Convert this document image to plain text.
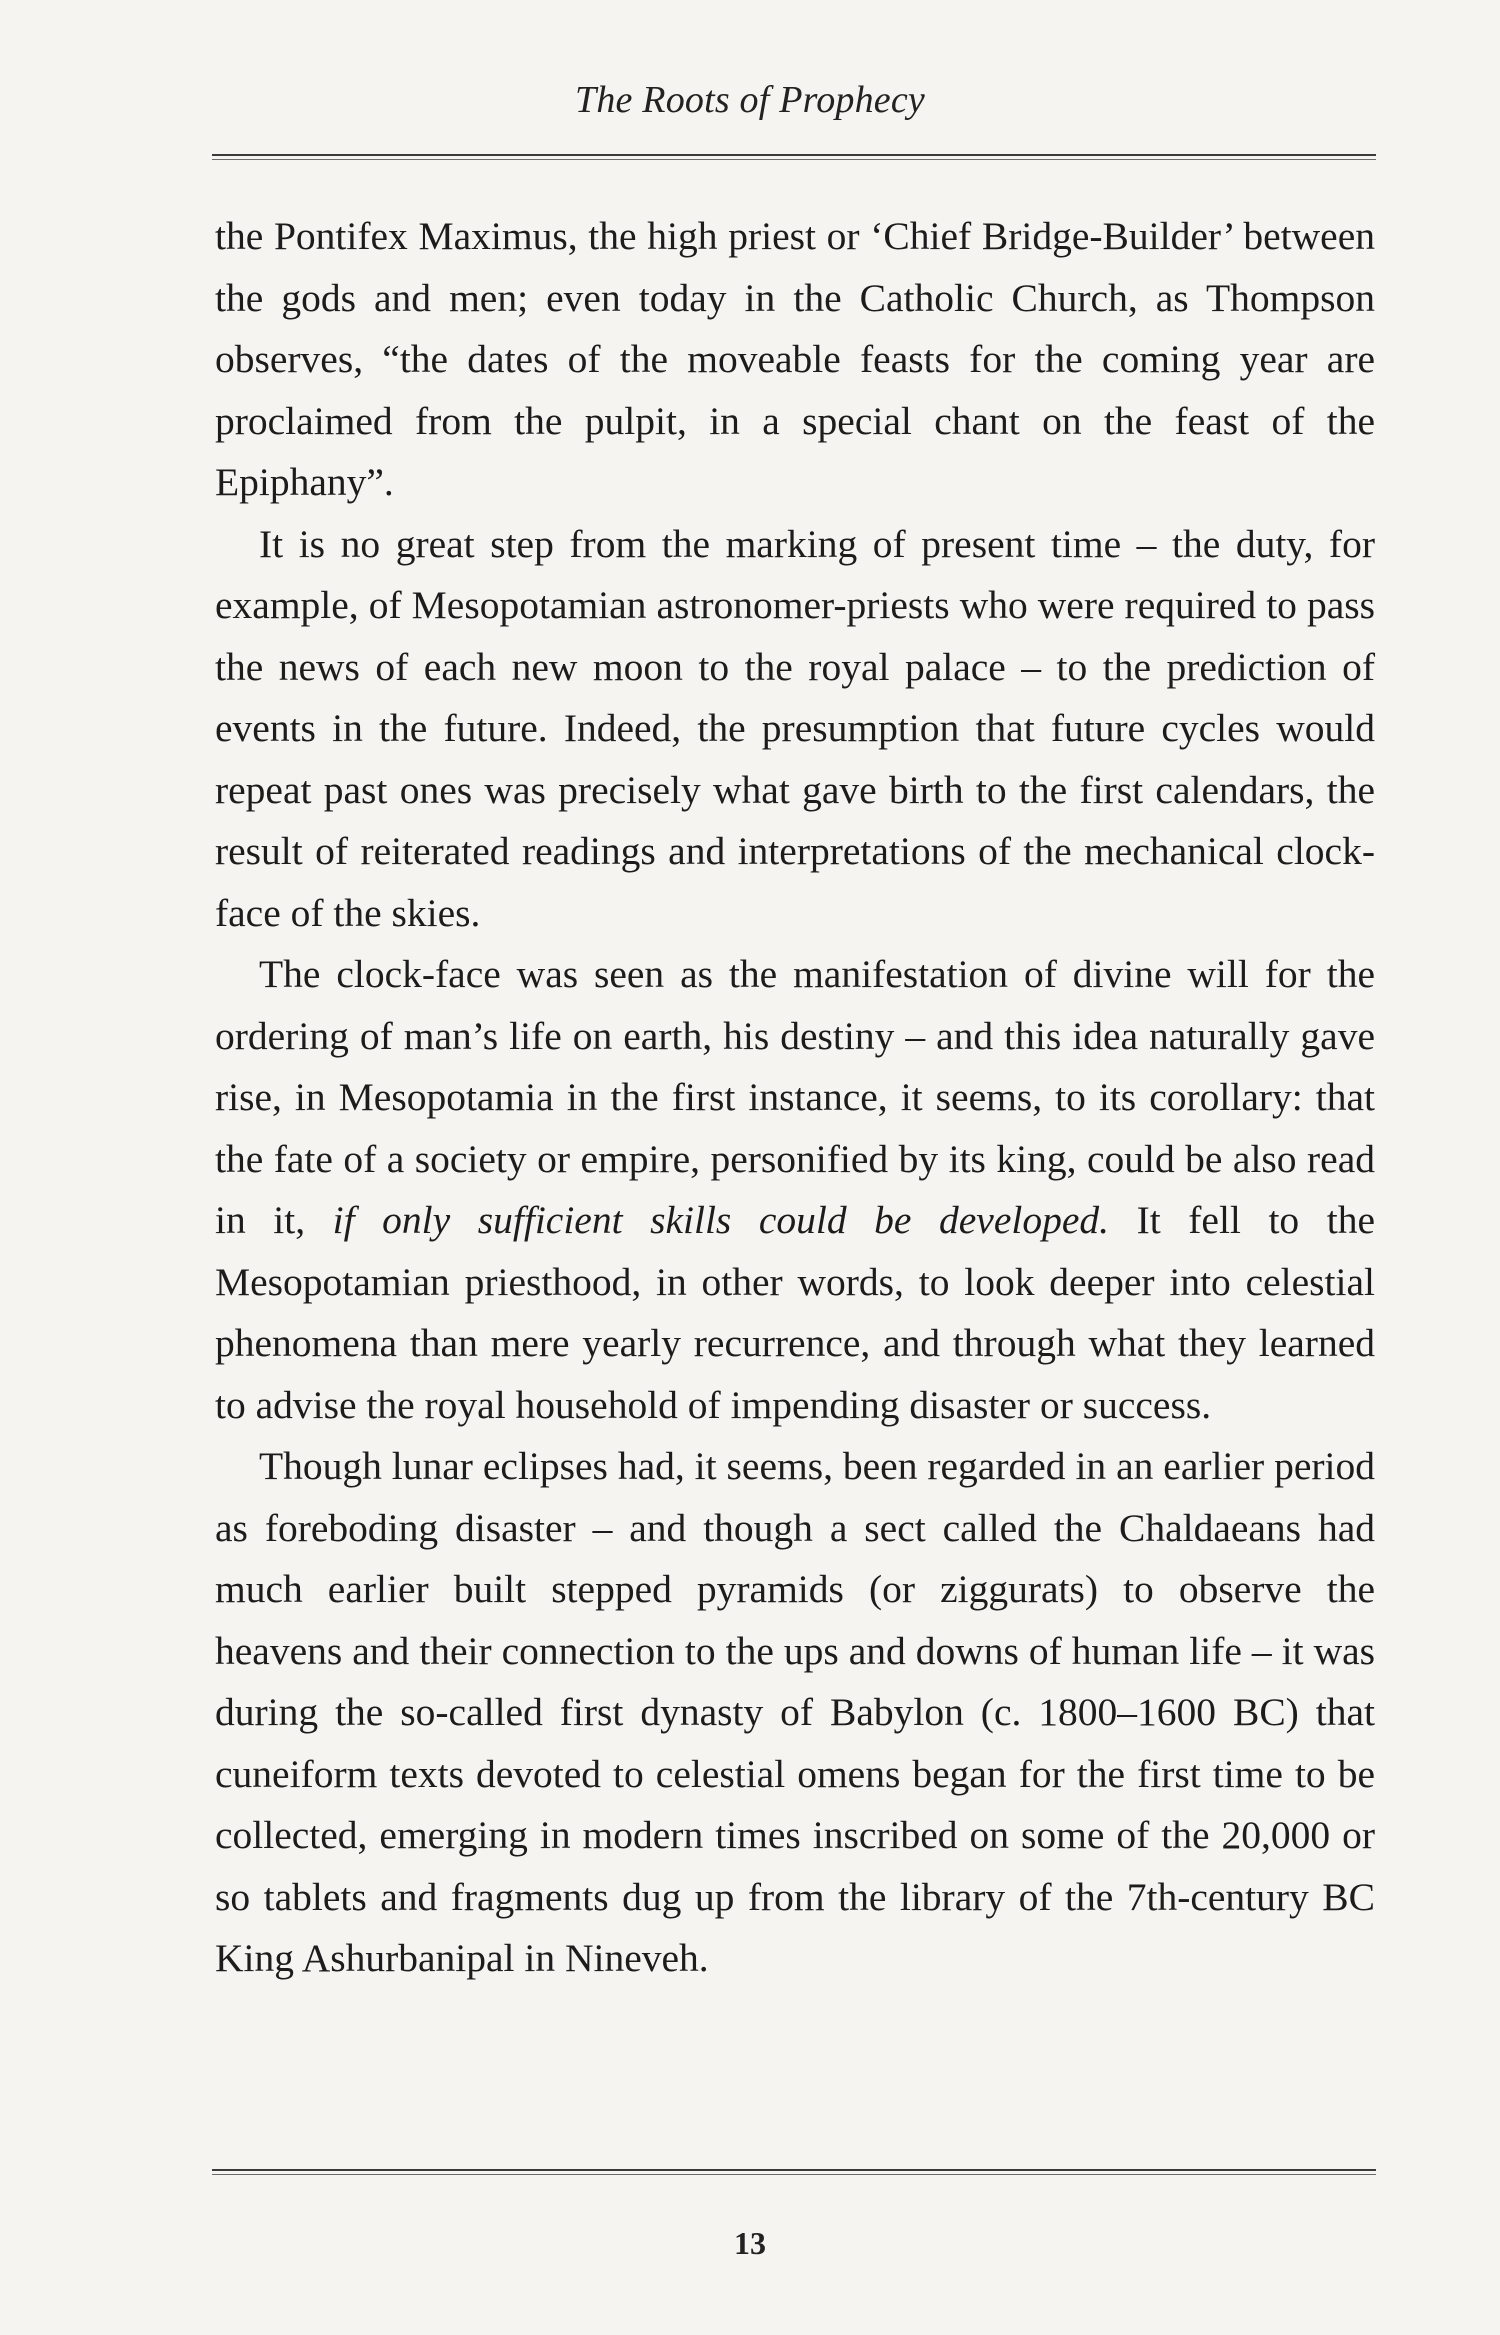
The Roots of Prophecy

the Pontifex Maximus, the high priest or ‘Chief Bridge-Builder’ between the gods and men; even today in the Catholic Church, as Thompson observes, “the dates of the moveable feasts for the coming year are proclaimed from the pulpit, in a special chant on the feast of the Epiphany”.

It is no great step from the marking of present time – the duty, for example, of Mesopotamian astronomer-priests who were required to pass the news of each new moon to the royal palace – to the prediction of events in the future. Indeed, the presumption that future cycles would repeat past ones was precisely what gave birth to the first calendars, the result of reiterated readings and interpretations of the mechanical clock-face of the skies.

The clock-face was seen as the manifestation of divine will for the ordering of man’s life on earth, his destiny – and this idea naturally gave rise, in Mesopotamia in the first instance, it seems, to its corollary: that the fate of a society or empire, personified by its king, could be also read in it, if only sufficient skills could be developed. It fell to the Mesopotamian priesthood, in other words, to look deeper into celestial phenomena than mere yearly recurrence, and through what they learned to advise the royal household of impending disaster or success.

Though lunar eclipses had, it seems, been regarded in an earlier period as foreboding disaster – and though a sect called the Chaldaeans had much earlier built stepped pyramids (or ziggurats) to observe the heavens and their connection to the ups and downs of human life – it was during the so-called first dynasty of Babylon (c. 1800–1600 BC) that cuneiform texts devoted to celestial omens began for the first time to be collected, emerging in modern times inscribed on some of the 20,000 or so tablets and fragments dug up from the library of the 7th-century BC King Ashurbanipal in Nineveh.

13
